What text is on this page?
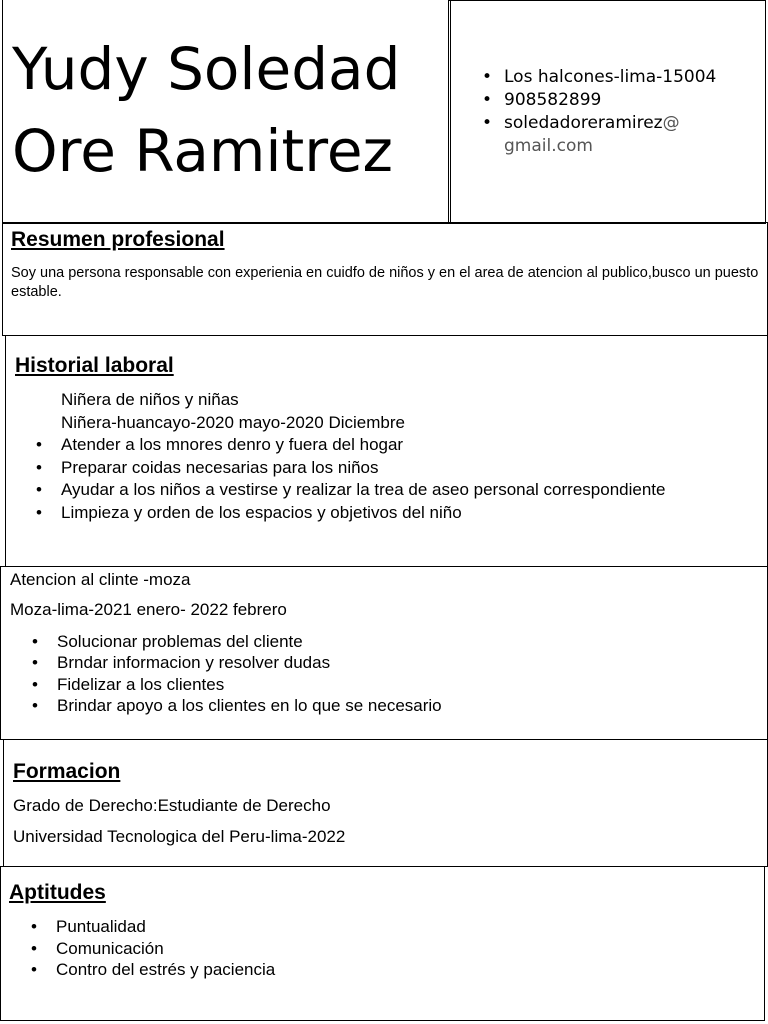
Yudy Soledad
Ore Ramitrez
• Los halcones-lima-15004
• 908582899
• soledadoreramirez@ gmail.com
Resumen profesional

Soy una persona responsable con experienia en cuidfo de niños y en el area de atencion al publico,busco un puesto estable.

Historial laboral
Niñera de niños y niñas
Niñera-huancayo-2020 mayo-2020 Diciembre
• Atender a los mnores denro y fuera del hogar
• Preparar coidas necesarias para los niños
• Ayudar a los niños a vestirse y realizar la trea de aseo personal correspondiente
• Limpieza y orden de los espacios y objetivos del niño
Atencion al clinte -moza
Moza-lima-2021 enero- 2022 febrero
• Solucionar problemas del cliente
• Brndar informacion y resolver dudas
• Fidelizar a los clientes
• Brindar apoyo a los clientes en lo que se necesario
Formacion
Grado de Derecho:Estudiante de Derecho
Universidad Tecnologica del Peru-lima-2022
Aptitudes
• Puntualidad
• Comunicación
• Contro del estrés y paciencia
